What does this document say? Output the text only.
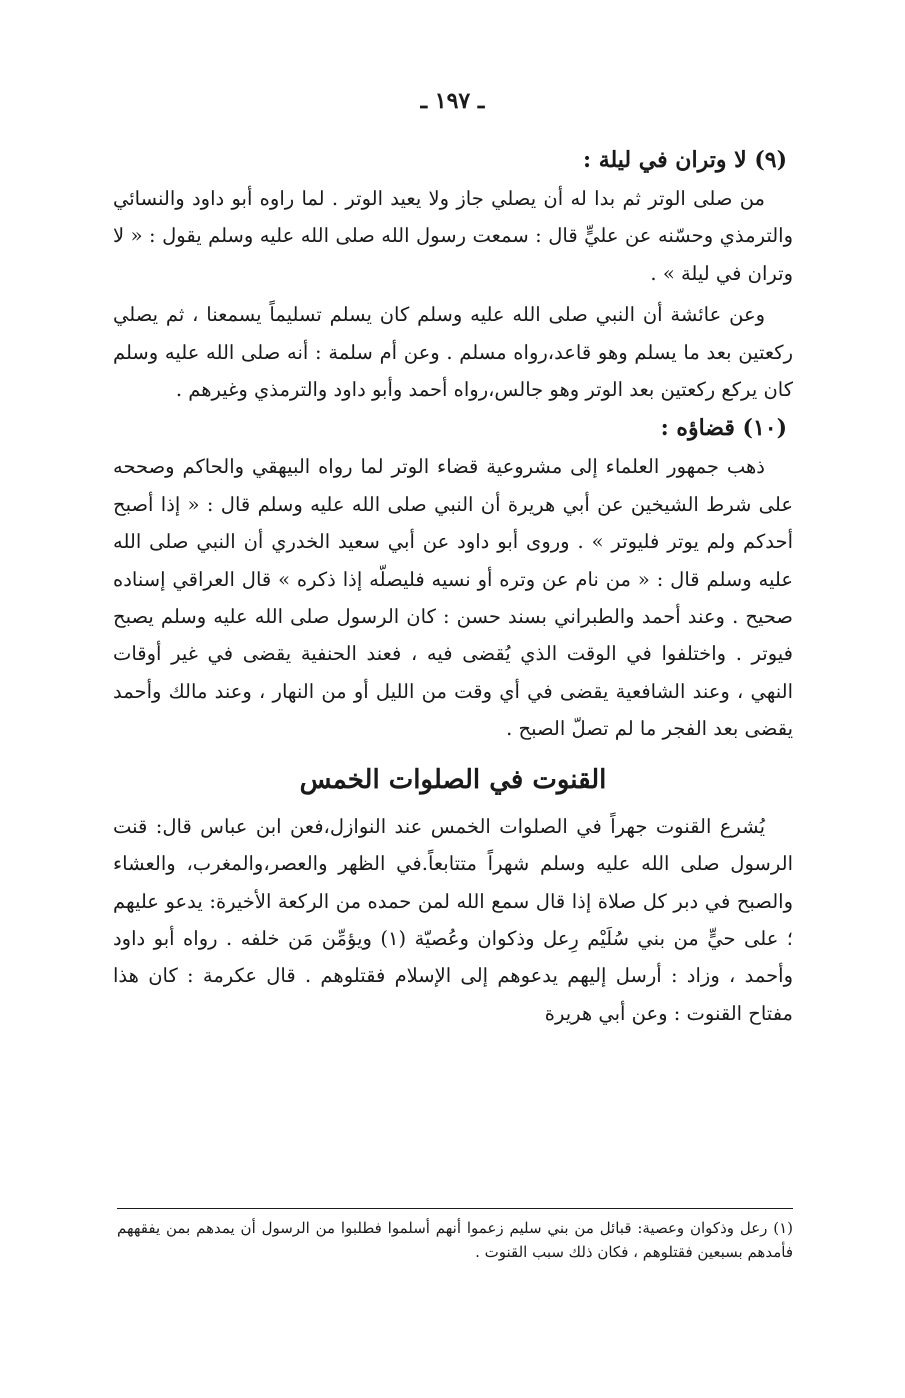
ـ ١٩٧ ـ
(٩) لا وتران في ليلة :

من صلى الوتر ثم بدا له أن يصلي جاز ولا يعيد الوتر . لما راوه أبو داود والنسائي والترمذي وحسّنه عن عليٍّ قال : سمعت رسول الله صلى الله عليه وسلم يقول : « لا وتران في ليلة » .

وعن عائشة أن النبي صلى الله عليه وسلم كان يسلم تسليماً يسمعنا ، ثم يصلي ركعتين بعد ما يسلم وهو قاعد،رواه مسلم . وعن أم سلمة : أنه صلى الله عليه وسلم كان يركع ركعتين بعد الوتر وهو جالس،رواه أحمد وأبو داود والترمذي وغيرهم .

(١٠) قضاؤه :

ذهب جمهور العلماء إلى مشروعية قضاء الوتر لما رواه البيهقي والحاكم وصححه على شرط الشيخين عن أبي هريرة أن النبي صلى الله عليه وسلم قال : « إذا أصبح أحدكم ولم يوتر فليوتر » . وروى أبو داود عن أبي سعيد الخدري أن النبي صلى الله عليه وسلم قال : « من نام عن وتره أو نسيه فليصلّه إذا ذكره » قال العراقي إسناده صحيح . وعند أحمد والطبراني بسند حسن : كان الرسول صلى الله عليه وسلم يصبح فيوتر . واختلفوا في الوقت الذي يُقضى فيه ، فعند الحنفية يقضى في غير أوقات النهي ، وعند الشافعية يقضى في أي وقت من الليل أو من النهار ، وعند مالك وأحمد يقضى بعد الفجر ما لم تصلّ الصبح .

القنوت في الصلوات الخمس

يُشرع القنوت جهراً في الصلوات الخمس عند النوازل،فعن ابن عباس قال: قنت الرسول صلى الله عليه وسلم شهراً متتابعاً.في الظهر والعصر،والمغرب، والعشاء والصبح في دبر كل صلاة إذا قال سمع الله لمن حمده من الركعة الأخيرة: يدعو عليهم ؛ على حيٍّ من بني سُلَيْم رِعل وذكوان وعُصيّة (١) ويؤمِّن مَن خلفه . رواه أبو داود وأحمد ، وزاد : أرسل إليهم يدعوهم إلى الإسلام فقتلوهم . قال عكرمة : كان هذا مفتاح القنوت : وعن أبي هريرة

(١) رعل وذكوان وعصية: قبائل من بني سليم زعموا أنهم أسلموا فطلبوا من الرسول أن يمدهم بمن يفقههم فأمدهم بسبعين فقتلوهم ، فكان ذلك سبب القنوت .
